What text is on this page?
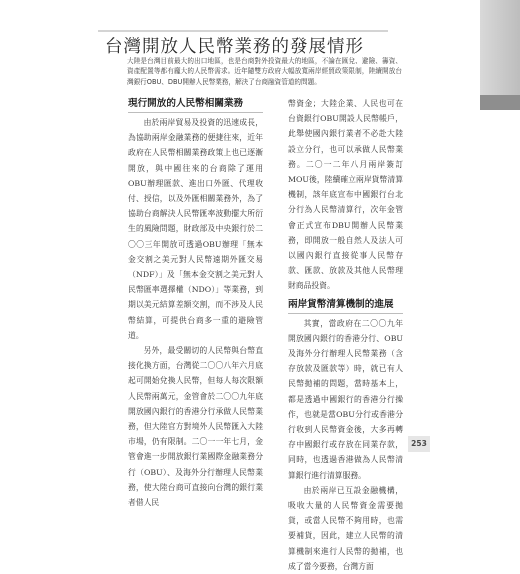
台灣開放人民幣業務的發展情形
大陸是台灣目前最大的出口地區，也是台商對外投資最大的地區，不論在匯兌、避險、籌資、資產配置等都有龐大的人民幣需求。近年隨雙方政府大幅放寬兩岸經貿政策限制，陸續開放台灣銀行OBU、DBU開辦人民幣業務，解決了台商融資管道的問題。
現行開放的人民幣相關業務

由於兩岸貿易及投資的迅速成長，為協助兩岸金融業務的便捷往來，近年政府在人民幣相關業務政策上也已逐漸開放，與中國往來的台商除了運用OBU辦理匯款、進出口外匯、代理收付、授信，以及外匯相關業務外，為了協助台商解決人民幣匯率波動擺大所衍生的風險問題，財政部及中央銀行於二〇〇三年開放可透過OBU辦理「無本金交割之美元對人民幣遠期外匯交易（NDF）」及「無本金交割之美元對人民幣匯率選擇權（NDO）」等業務，到期以美元結算差額交割，而不涉及人民幣結算，可提供台商多一重的避險管道。

另外，最受關切的人民幣與台幣直接化換方面，台灣從二〇〇八年六月底起可開始兌換人民幣，但每人每次限額人民幣兩萬元，金管會於二〇〇九年底開放國內銀行的香港分行承做人民幣業務，但大陸官方對境外人民幣匯入大陸市場，仍有限制。二〇一一年七月，金管會進一步開放銀行業國際金融業務分行（OBU）、及海外分行辦理人民幣業務，使大陸台商可直接向台灣的銀行業者借人民

幣資金；大陸企業、人民也可在台資銀行OBU開設人民幣帳戶，此舉使國內銀行業者不必赴大陸設立分行，也可以承做人民幣業務。二〇一二年八月兩岸簽訂MOU後，陸續確立兩岸貨幣清算機制，該年底宣布中國銀行台北分行為人民幣清算行，次年金管會正式宣布DBU開辦人民幣業務，即開放一般自然人及法人可以國內銀行直接從事人民幣存款、匯款、放款及其他人民幣理財商品投資。

兩岸貨幣清算機制的進展

其實，當政府在二〇〇九年開放國內銀行的香港分行、OBU及海外分行辦理人民幣業務（含存放款及匯款等）時，就已有人民幣拋補的問題，當時基本上，都是透過中國銀行的香港分行操作，也就是當OBU分行或香港分行收到人民幣資金後，大多再轉存中國銀行或存放在同業存款，同時，也透過香港做為人民幣清算銀行進行清算服務。

由於兩岸已互設金融機構，吸收大量的人民幣資金需要拋貨，或當人民幣不夠用時，也需要補貨，因此，建立人民幣的清算機制來進行人民幣的拋補，也成了當今要務，台灣方面

253
